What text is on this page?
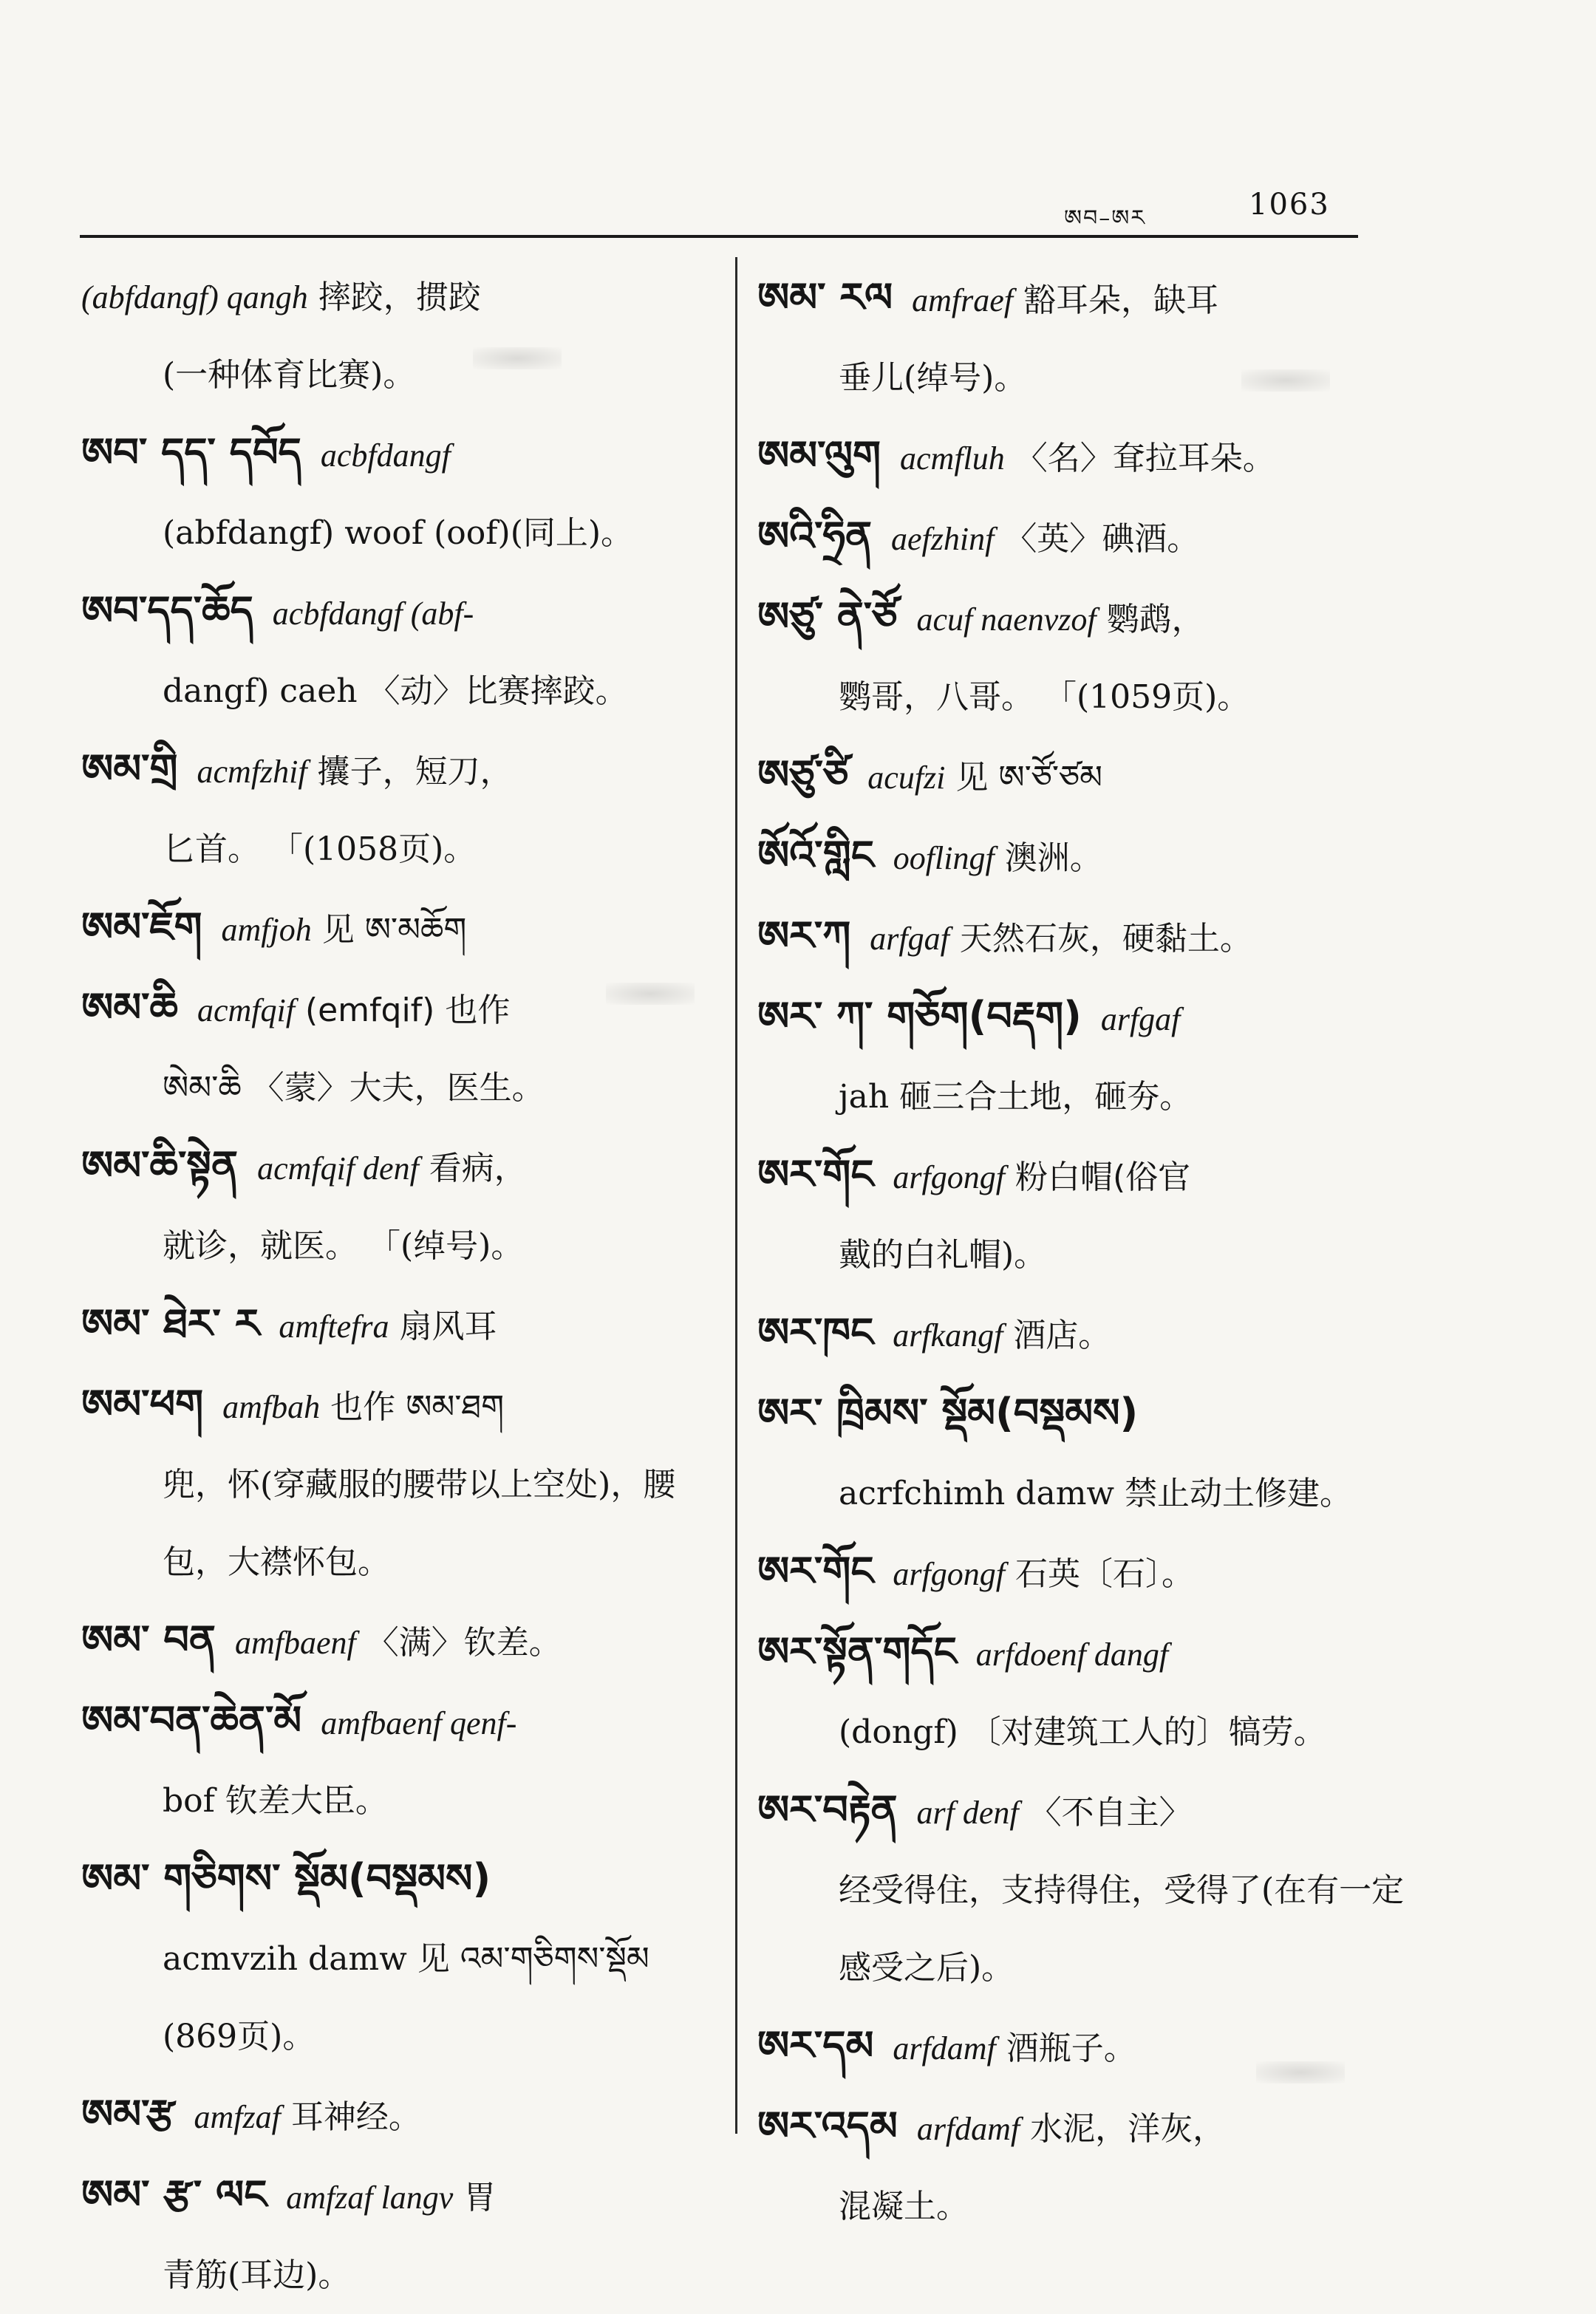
ཨབ–ཨར	1063

(abfdangf) qangh 摔跤，掼跤
(一种体育比赛)。

ཨབ་ དད་ དབོད acbfdangf
(abfdangf) woof (oof)(同上)。

ཨབ་དད་ཆོད acbfdangf (abf-
dangf) caeh 〈动〉比赛摔跤。

ཨམ་གྲི acmfzhif 攮子，短刀，
匕首。 「(1058页)。

ཨམ་ཇོག amfjoh 见 ཨ་མཆོག

ཨམ་ཆི acmfqif (emfqif) 也作
ཨེམ་ཆི 〈蒙〉大夫，医生。

ཨམ་ཆི་སྟེན acmfqif denf 看病，
就诊，就医。 「(绰号)。

ཨམ་ ཐེར་ ར amftefra 扇风耳

ཨམ་ཕག amfbah 也作 ཨམ་ཐག
兜，怀(穿藏服的腰带以上空处)，腰包，大襟怀包。

ཨམ་ བན amfbaenf 〈满〉钦差。

ཨམ་བན་ཆེན་མོ amfbaenf qenf-
bof 钦差大臣。

ཨམ་ གཅིགས་ སྡོམ(བསྡམས)
acmvzih damw 见 འམ་གཅིགས་སྡོམ (869页)。

ཨམ་རྩ amfzaf 耳神经。

ཨམ་ རྩ་ ལང amfzaf langv 胃
青筋(耳边)。

ཨམ་ རལ amfraef 豁耳朵，缺耳
垂儿(绰号)。

ཨམ་ལུག acmfluh 〈名〉耷拉耳朵。

ཨའི་ཧྲིན aefzhinf 〈英〉碘酒。

ཨཙུ་ ནེ་ཙོ acuf naenvzof 鹦鹉，
鹦哥，八哥。 「(1059页)。

ཨཙུ་ཙི acufzi 见 ཨ་ཙོ་ཙམ

ཨོའོ་གླིང ooflingf 澳洲。

ཨར་ཀ arfgaf 天然石灰，硬黏土。

ཨར་ ཀ་ གཅོག(བརྡག) arfgaf
jah 砸三合土地，砸夯。

ཨར་གོང arfgongf 粉白帽(俗官
戴的白礼帽)。

ཨར་ཁང arfkangf 酒店。

ཨར་ ཁྲིམས་ སྡོམ(བསྡམས)
acrfchimh damw 禁止动土修建。

ཨར་གོང arfgongf 石英〔石〕。

ཨར་སྟོན་གདོང arfdoenf dangf
(dongf) 〔对建筑工人的〕犒劳。

ཨར་བརྟེན arf denf 〈不自主〉
经受得住，支持得住，受得了(在有一定感受之后)。

ཨར་དམ arfdamf 酒瓶子。

ཨར་འདམ arfdamf 水泥，洋灰，
混凝土。
